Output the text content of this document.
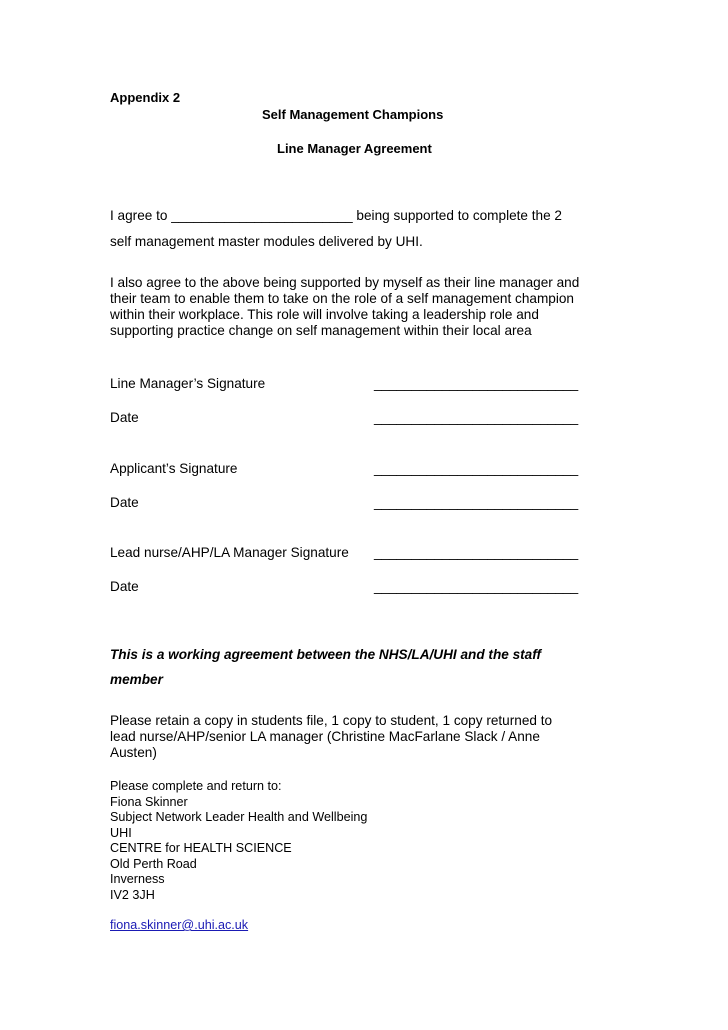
Appendix 2
Self Management Champions
Line Manager Agreement
I agree to ________________________ being supported to complete the 2
self management master modules delivered by UHI.

I also agree to the above being supported by myself as their line manager and
their team to enable them to take on the role of a self management champion
within their workplace. This role will involve taking a leadership role and
supporting practice change on self management within their local area

Line Manager’s Signature	___________________________
Date	___________________________
Applicant’s Signature	___________________________
Date	___________________________
Lead nurse/AHP/LA Manager Signature ___________________________
Date	___________________________
This is a working agreement between the NHS/LA/UHI and the staff
member

Please retain a copy in students file, 1 copy to student, 1 copy returned to
lead nurse/AHP/senior LA manager (Christine MacFarlane Slack / Anne
Austen)

Please complete and return to:
Fiona Skinner
Subject Network Leader Health and Wellbeing
UHI
CENTRE for HEALTH SCIENCE
Old Perth Road
Inverness
IV2 3JH
fiona.skinner@.uhi.ac.uk
